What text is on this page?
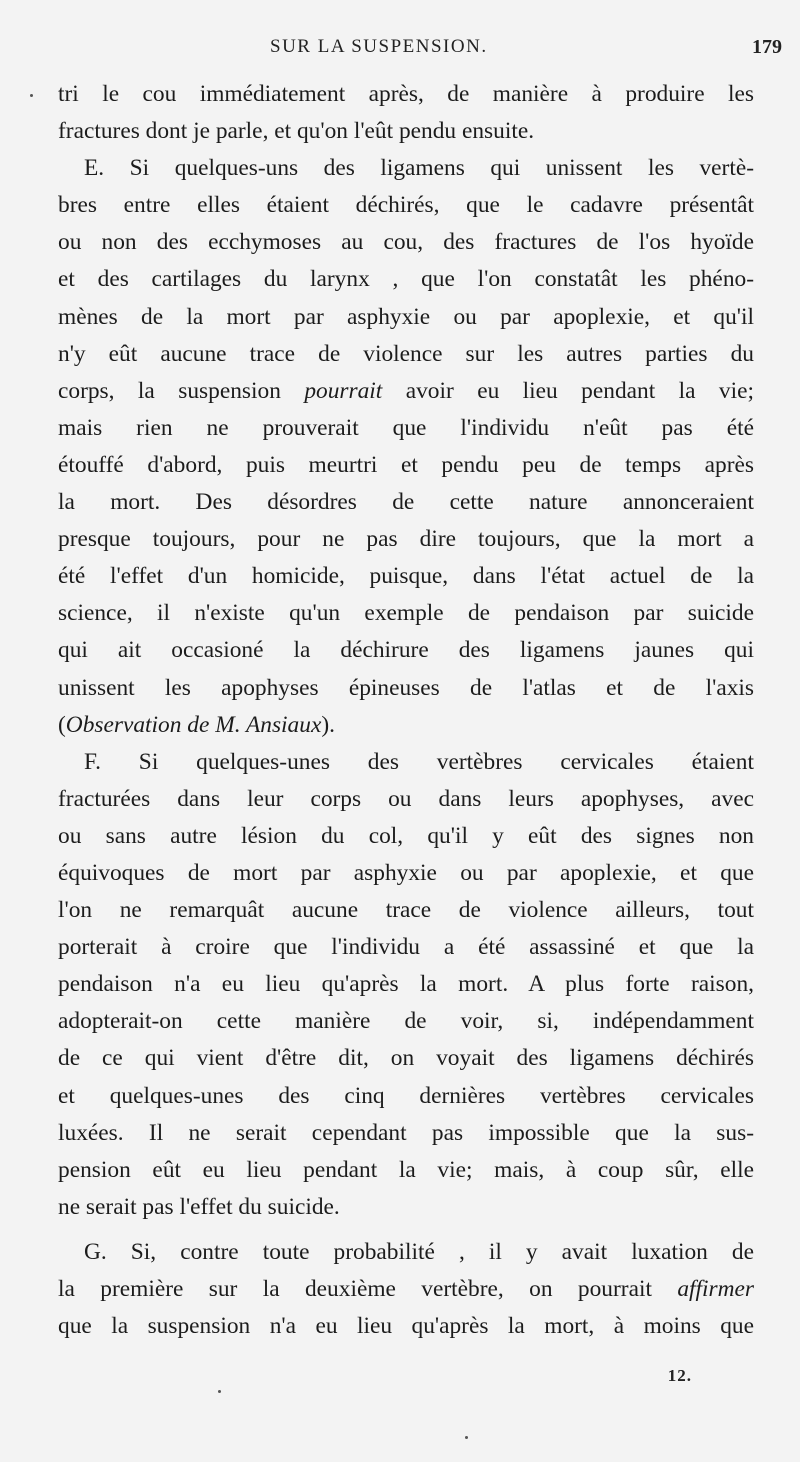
SUR LA SUSPENSION.	179
tri le cou immédiatement après, de manière à produire les
fractures dont je parle, et qu'on l'eût pendu ensuite.
E. Si quelques-uns des ligamens qui unissent les vertè-
bres entre elles étaient déchirés, que le cadavre présentât
ou non des ecchymoses au cou, des fractures de l'os hyoïde
et des cartilages du larynx , que l'on constatât les phéno-
mènes de la mort par asphyxie ou par apoplexie, et qu'il
n'y eût aucune trace de violence sur les autres parties du
corps, la suspension pourrait avoir eu lieu pendant la vie;
mais rien ne prouverait que l'individu n'eût pas été
étouffé d'abord, puis meurtri et pendu peu de temps après
la mort. Des désordres de cette nature annonceraient
presque toujours, pour ne pas dire toujours, que la mort a
été l'effet d'un homicide, puisque, dans l'état actuel de la
science, il n'existe qu'un exemple de pendaison par suicide
qui ait occasioné la déchirure des ligamens jaunes qui
unissent les apophyses épineuses de l'atlas et de l'axis
(Observation de M. Ansiaux).
F. Si quelques-unes des vertèbres cervicales étaient
fracturées dans leur corps ou dans leurs apophyses, avec
ou sans autre lésion du col, qu'il y eût des signes non
équivoques de mort par asphyxie ou par apoplexie, et que
l'on ne remarquât aucune trace de violence ailleurs, tout
porterait à croire que l'individu a été assassiné et que la
pendaison n'a eu lieu qu'après la mort. A plus forte raison,
adopterait-on cette manière de voir, si, indépendamment
de ce qui vient d'être dit, on voyait des ligamens déchirés
et quelques-unes des cinq dernières vertèbres cervicales
luxées. Il ne serait cependant pas impossible que la sus-
pension eût eu lieu pendant la vie; mais, à coup sûr, elle
ne serait pas l'effet du suicide.
G. Si, contre toute probabilité , il y avait luxation de
la première sur la deuxième vertèbre, on pourrait affirmer
que la suspension n'a eu lieu qu'après la mort, à moins que
12.
